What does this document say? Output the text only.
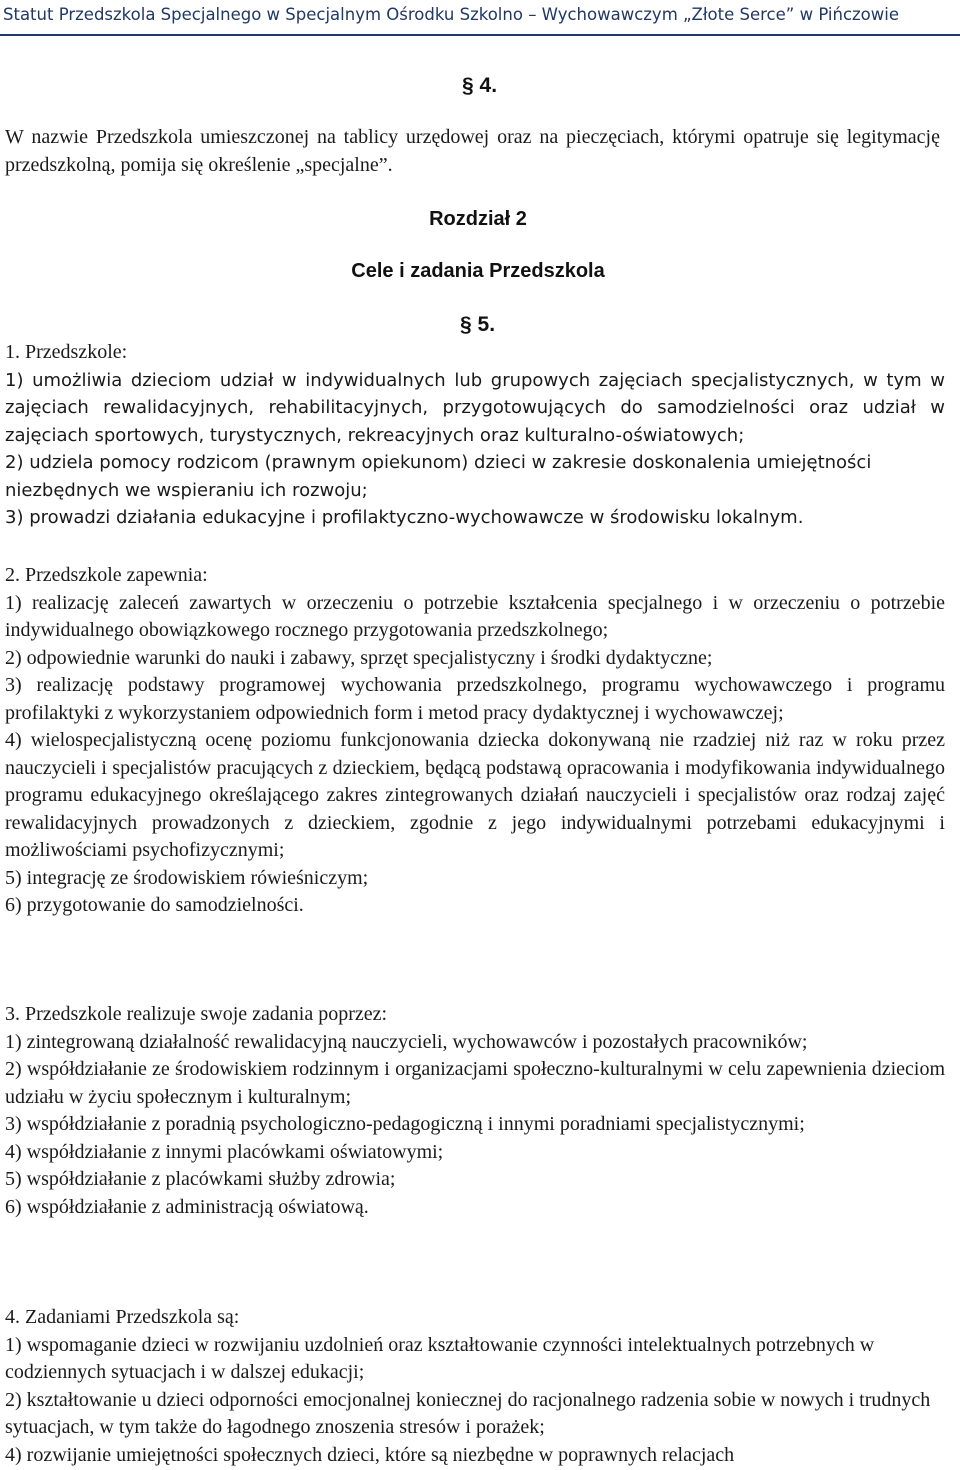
Statut Przedszkola Specjalnego w Specjalnym Ośrodku Szkolno – Wychowawczym „Złote Serce” w Pińczowie
§ 4.
W nazwie Przedszkola umieszczonej na tablicy urzędowej oraz na pieczęciach, którymi opatruje się legitymację przedszkolną, pomija się określenie „specjalne”.
Rozdział 2
Cele i zadania Przedszkola
§ 5.

1. Przedszkole:

1) umożliwia dzieciom udział w indywidualnych lub grupowych zajęciach specjalistycznych, w tym w zajęciach rewalidacyjnych, rehabilitacyjnych, przygotowujących do samodzielności oraz udział w zajęciach sportowych, turystycznych, rekreacyjnych oraz kulturalno-oświatowych;
2) udziela pomocy rodzicom (prawnym opiekunom) dzieci w zakresie doskonalenia umiejętności niezbędnych we wspieraniu ich rozwoju;
3) prowadzi działania edukacyjne i profilaktyczno-wychowawcze w środowisku lokalnym.

2. Przedszkole zapewnia:

1) realizację zaleceń zawartych w orzeczeniu o potrzebie kształcenia specjalnego i w orzeczeniu o potrzebie indywidualnego obowiązkowego rocznego przygotowania przedszkolnego;
2) odpowiednie warunki do nauki i zabawy, sprzęt specjalistyczny i środki dydaktyczne;
3) realizację podstawy programowej wychowania przedszkolnego, programu wychowawczego i programu profilaktyki z wykorzystaniem odpowiednich form i metod pracy dydaktycznej i wychowawczej;
4) wielospecjalistyczną ocenę poziomu funkcjonowania dziecka dokonywaną nie rzadziej niż raz w roku przez nauczycieli i specjalistów pracujących z dzieckiem, będącą podstawą opracowania i modyfikowania indywidualnego programu edukacyjnego określającego zakres zintegrowanych działań nauczycieli i specjalistów oraz rodzaj zajęć rewalidacyjnych prowadzonych z dzieckiem, zgodnie z jego indywidualnymi potrzebami edukacyjnymi i możliwościami psychofizycznymi;
5) integrację ze środowiskiem rówieśniczym;
6) przygotowanie do samodzielności.

3. Przedszkole realizuje swoje zadania poprzez:

1) zintegrowaną działalność rewalidacyjną nauczycieli, wychowawców i pozostałych pracowników;
2) współdziałanie ze środowiskiem rodzinnym i organizacjami społeczno-kulturalnymi w celu zapewnienia dzieciom udziału w życiu społecznym i kulturalnym;
3) współdziałanie z poradnią psychologiczno-pedagogiczną i innymi poradniami specjalistycznymi;
4) współdziałanie z innymi placówkami oświatowymi;
5) współdziałanie z placówkami służby zdrowia;
6) współdziałanie z administracją oświatową.

4. Zadaniami Przedszkola są:

1) wspomaganie dzieci w rozwijaniu uzdolnień oraz kształtowanie czynności intelektualnych potrzebnych w codziennych sytuacjach i w dalszej edukacji;
2) kształtowanie u dzieci odporności emocjonalnej koniecznej do racjonalnego radzenia sobie w nowych i trudnych sytuacjach, w tym także do łagodnego znoszenia stresów i porażek;
4) rozwijanie umiejętności społecznych dzieci, które są niezbędne w poprawnych relacjach
